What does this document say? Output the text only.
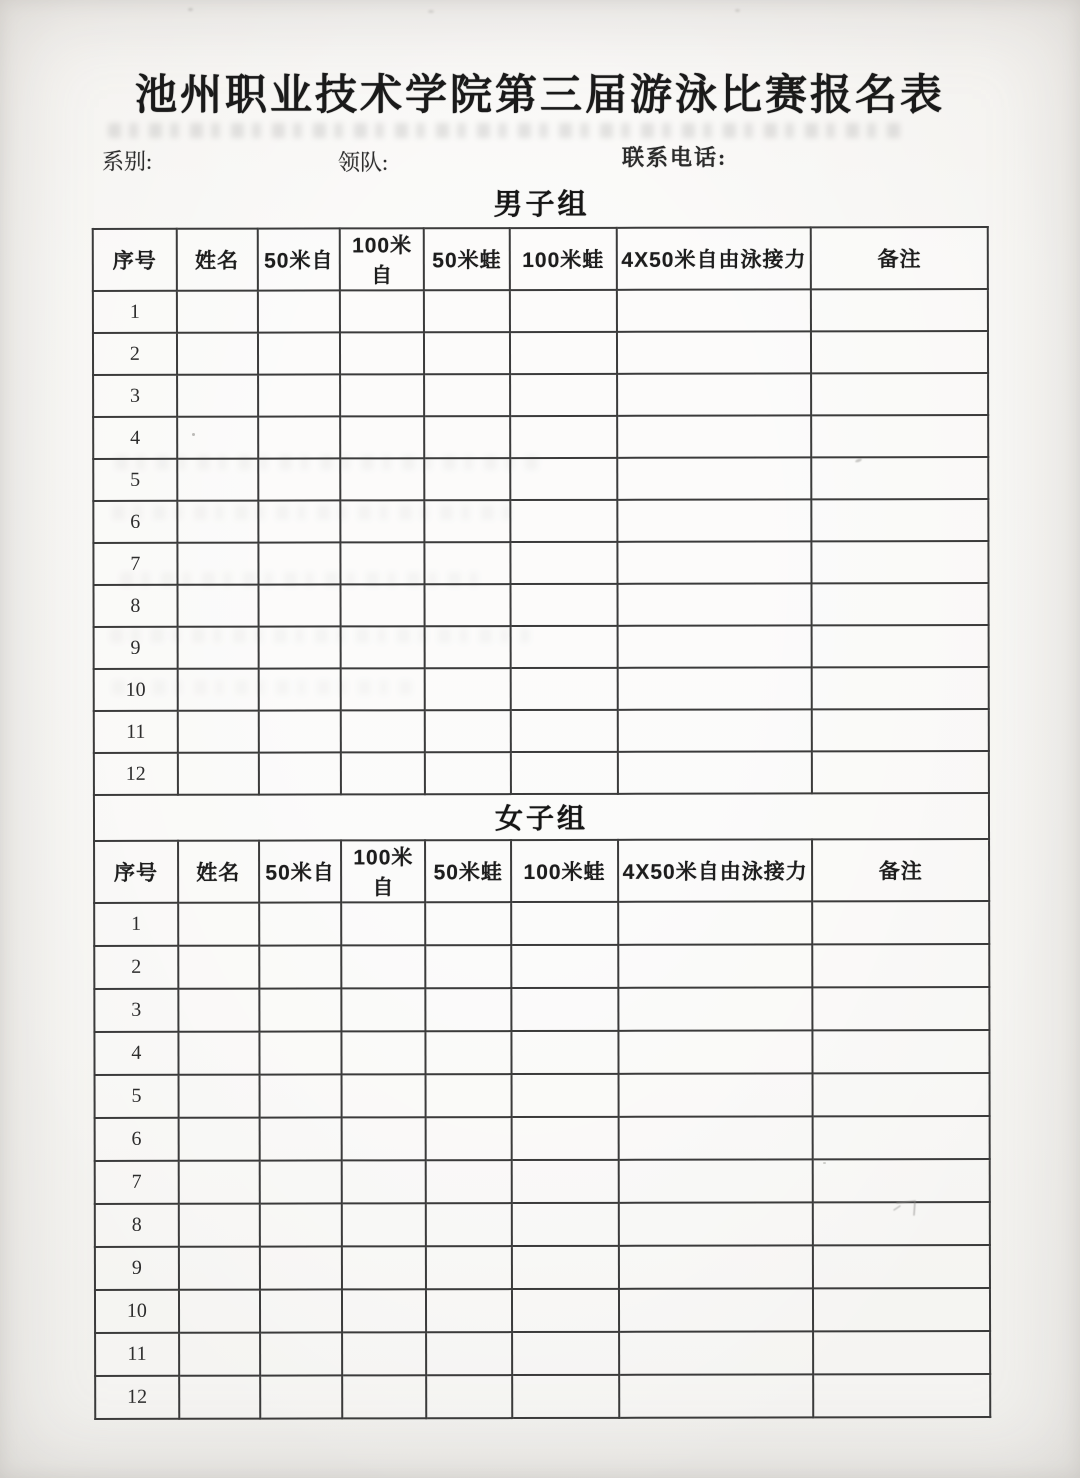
池州职业技术学院第三届游泳比赛报名表
系别:	领队:	联系电话:
男子组
序号	姓名	50米自	100米自	50米蛙	100米蛙	4X50米自由泳接力	备注
1							
2							
3							
4							
5							
6							
7							
8							
9							
10							
11							
12							
女子组							
序号	姓名	50米自	100米自	50米蛙	100米蛙	4X50米自由泳接力	备注
1							
2							
3							
4							
5							
6							
7							
8							
9							
10							
11							
12							
